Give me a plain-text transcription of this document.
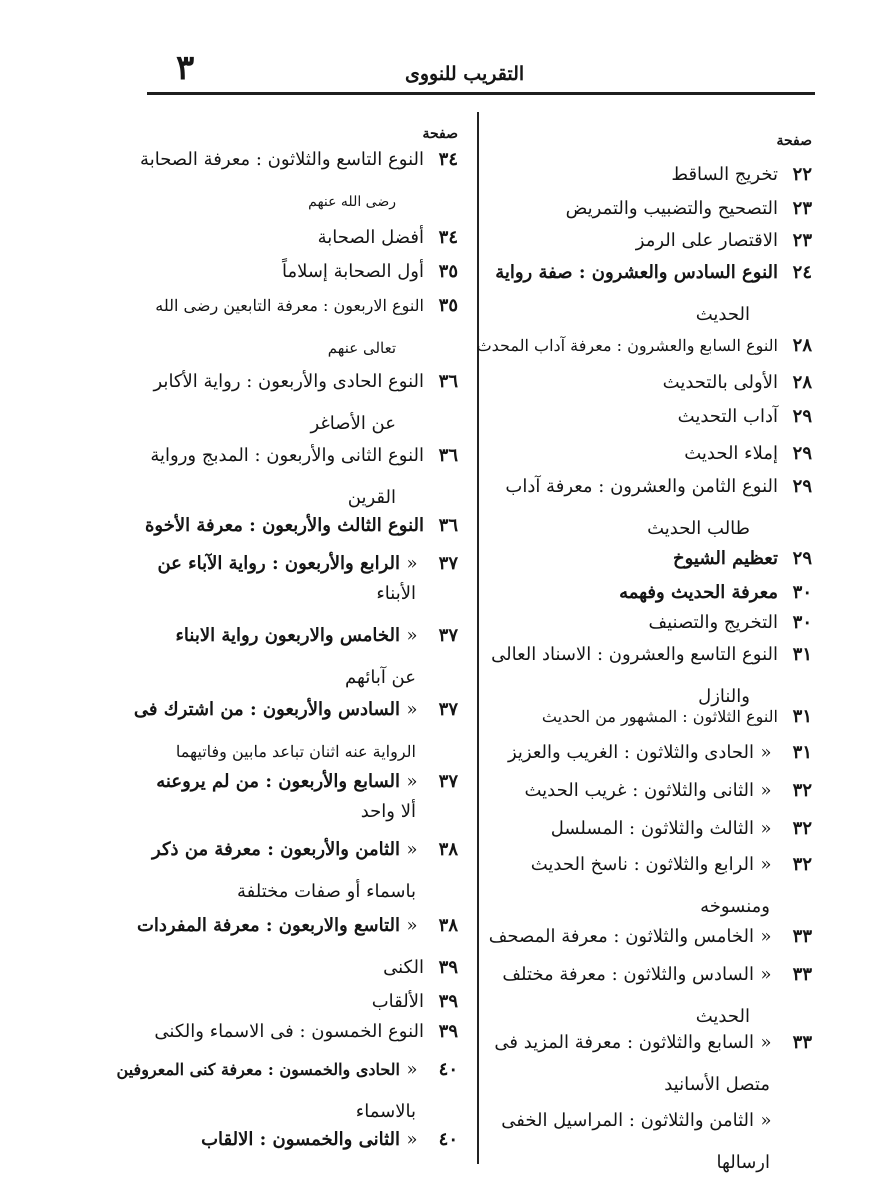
٣	التقريب للنووى
صفحة
٢٢تخريج الساقط
٢٣التصحيح والتضبيب والتمريض
٢٣الاقتصار على الرمز
٢٤النوع السادس والعشرون : صفة رواية
الحديث
٢٨النوع السابع والعشرون : معرفة آداب المحدث
٢٨الأولى بالتحديث
٢٩آداب التحديث
٢٩إملاء الحديث
٢٩النوع الثامن والعشرون : معرفة آداب
طالب الحديث
٢٩تعظيم الشيوخ
٣٠معرفة الحديث وفهمه
٣٠التخريج والتصنيف
٣١النوع التاسع والعشرون : الاسناد العالى
والنازل
٣١النوع الثلاثون : المشهور من الحديث
٣١«الحادى والثلاثون : الغريب والعزيز
٣٢«الثانى والثلاثون : غريب الحديث
٣٢«الثالث والثلاثون : المسلسل
٣٢«الرابع والثلاثون : ناسخ الحديث
ومنسوخه
٣٣«الخامس والثلاثون : معرفة المصحف
٣٣«السادس والثلاثون : معرفة مختلف
الحديث
٣٣«السابع والثلاثون : معرفة المزيد فى
متصل الأسانيد
«الثامن والثلاثون : المراسيل الخفى
ارسالها
صفحة
٣٤النوع التاسع والثلاثون : معرفة الصحابة
رضى الله عنهم
٣٤أفضل الصحابة
٣٥أول الصحابة إسلاماً
٣٥النوع الاربعون : معرفة التابعين رضى الله
تعالى عنهم
٣٦النوع الحادى والأربعون : رواية الأكابر
عن الأصاغر
٣٦النوع الثانى والأربعون : المدبج ورواية
القرين
٣٦النوع الثالث والأربعون : معرفة الأخوة
٣٧«الرابع والأربعون : رواية الآباء عن
الأبناء
٣٧«الخامس والاربعون رواية الابناء
عن آبائهم
٣٧«السادس والأربعون : من اشترك فى
الرواية عنه اثنان تباعد مابين وفاتيهما
٣٧«السابع والأربعون : من لم يروعنه
ألا واحد
٣٨«الثامن والأربعون : معرفة من ذكر
باسماء أو صفات مختلفة
٣٨«التاسع والاربعون : معرفة المفردات
٣٩الكنى
٣٩الألقاب
٣٩النوع الخمسون : فى الاسماء والكنى
٤٠«الحادى والخمسون : معرفة كنى المعروفين
بالاسماء
٤٠«الثانى والخمسون : الالقاب
